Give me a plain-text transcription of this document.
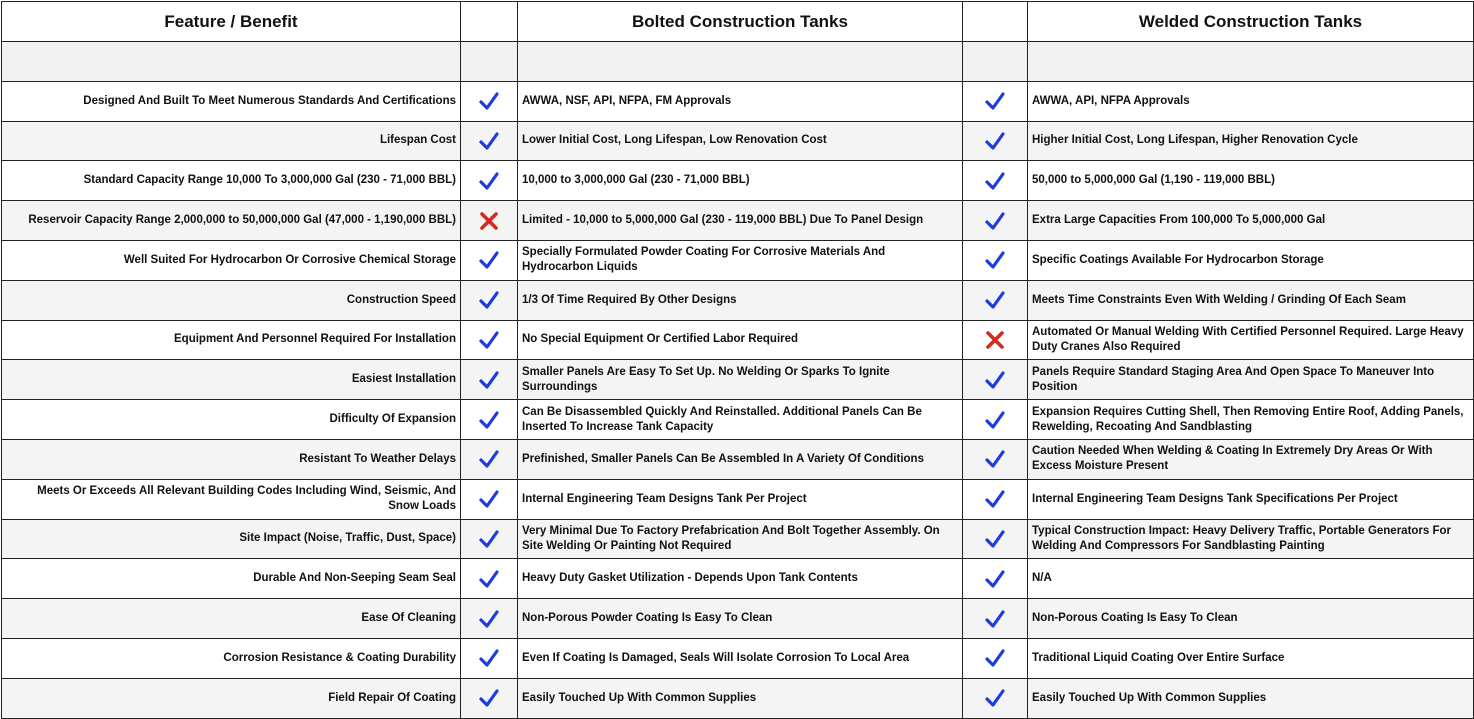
Feature / Benefit		Bolted Construction Tanks		Welded Construction Tanks

Designed And Built To Meet Numerous Standards And Certifications		AWWA, NSF, API, NFPA, FM Approvals		AWWA, API, NFPA Approvals
Lifespan Cost		Lower Initial Cost, Long Lifespan, Low Renovation Cost		Higher Initial Cost, Long Lifespan, Higher Renovation Cycle
Standard Capacity Range 10,000 To 3,000,000 Gal (230 - 71,000 BBL)		10,000 to 3,000,000 Gal (230 - 71,000 BBL)		50,000 to 5,000,000 Gal (1,190 - 119,000 BBL)
Reservoir Capacity Range 2,000,000 to 50,000,000 Gal (47,000 - 1,190,000 BBL)		Limited - 10,000 to 5,000,000 Gal (230 - 119,000 BBL) Due To Panel Design		Extra Large Capacities From 100,000 To 5,000,000 Gal
Well Suited For Hydrocarbon Or Corrosive Chemical Storage		Specially Formulated Powder Coating For Corrosive Materials And Hydrocarbon Liquids		Specific Coatings Available For Hydrocarbon Storage
Construction Speed		1/3 Of Time Required By Other Designs		Meets Time Constraints Even With Welding / Grinding Of Each Seam
Equipment And Personnel Required For Installation		No Special Equipment Or Certified Labor Required		Automated Or Manual Welding With Certified Personnel Required. Large Heavy Duty Cranes Also Required
Easiest Installation		Smaller Panels Are Easy To Set Up. No Welding Or Sparks To Ignite Surroundings		Panels Require Standard Staging Area And Open Space To Maneuver Into Position
Difficulty Of Expansion		Can Be Disassembled Quickly And Reinstalled. Additional Panels Can Be Inserted To Increase Tank Capacity		Expansion Requires Cutting Shell, Then Removing Entire Roof, Adding Panels, Rewelding, Recoating And Sandblasting
Resistant To Weather Delays		Prefinished, Smaller Panels Can Be Assembled In A Variety Of Conditions		Caution Needed When Welding & Coating In Extremely Dry Areas Or With Excess Moisture Present
Meets Or Exceeds All Relevant Building Codes Including Wind, Seismic, And Snow Loads		Internal Engineering Team Designs Tank Per Project		Internal Engineering Team Designs Tank Specifications Per Project
Site Impact (Noise, Traffic, Dust, Space)		Very Minimal Due To Factory Prefabrication And Bolt Together Assembly. On Site Welding Or Painting Not Required		Typical Construction Impact: Heavy Delivery Traffic, Portable Generators For Welding And Compressors For Sandblasting Painting
Durable And Non-Seeping Seam Seal		Heavy Duty Gasket Utilization - Depends Upon Tank Contents		N/A
Ease Of Cleaning		Non-Porous Powder Coating Is Easy To Clean		Non-Porous Coating Is Easy To Clean
Corrosion Resistance & Coating Durability		Even If Coating Is Damaged, Seals Will Isolate Corrosion To Local Area		Traditional Liquid Coating Over Entire Surface
Field Repair Of Coating		Easily Touched Up With Common Supplies		Easily Touched Up With Common Supplies
